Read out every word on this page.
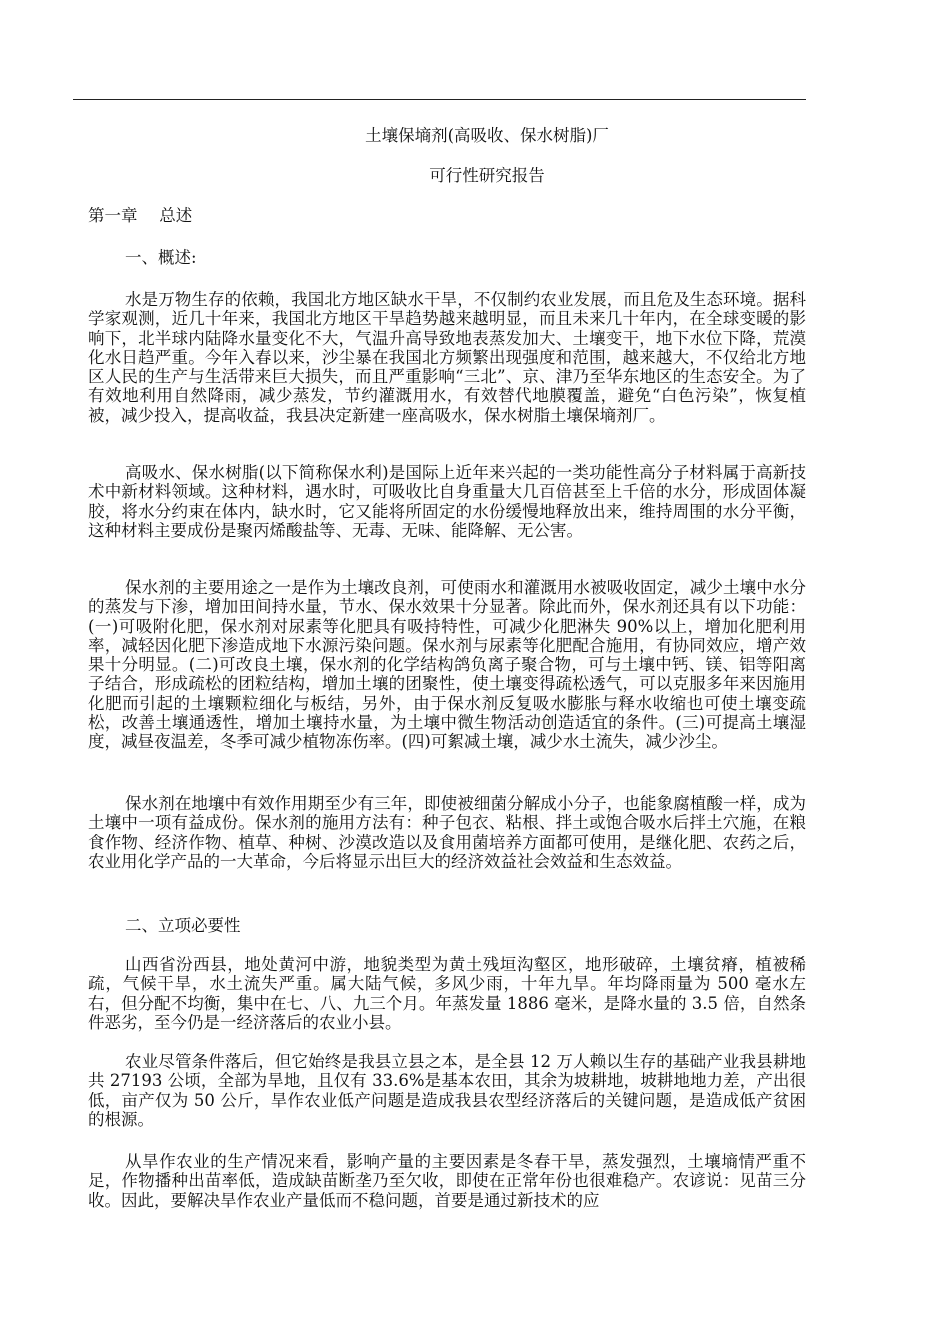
土壤保墒剂(高吸收、保水树脂)厂
可行性研究报告
第一章　 总述
一、概述:

水是万物生存的依赖，我国北方地区缺水干旱，不仅制约农业发展，而且危及生态环境。据科学家观测，近几十年来，我国北方地区干旱趋势越来越明显，而且未来几十年内，在全球变暖的影响下，北半球内陆降水量变化不大，气温升高导致地表蒸发加大、土壤变干，地下水位下降，荒漠化水日趋严重。今年入春以来，沙尘暴在我国北方频繁出现强度和范围，越来越大，不仅给北方地区人民的生产与生活带来巨大损失，而且严重影响“三北”、京、津乃至华东地区的生态安全。为了有效地利用自然降雨，减少蒸发，节约灌溉用水，有效替代地膜覆盖，避免“白色污染”，恢复植被，减少投入，提高收益，我县决定新建一座高吸水，保水树脂土壤保墒剂厂。

高吸水、保水树脂(以下简称保水利)是国际上近年来兴起的一类功能性高分子材料属于高新技术中新材料领域。这种材料，遇水时，可吸收比自身重量大几百倍甚至上千倍的水分，形成固体凝胶，将水分约束在体内，缺水时，它又能将所固定的水份缓慢地释放出来，维持周围的水分平衡，这种材料主要成份是聚丙烯酸盐等、无毒、无味、能降解、无公害。

保水剂的主要用途之一是作为土壤改良剂，可使雨水和灌溉用水被吸收固定，减少土壤中水分的蒸发与下渗，增加田间持水量，节水、保水效果十分显著。除此而外，保水剂还具有以下功能：(一)可吸附化肥，保水剂对尿素等化肥具有吸持特性，可减少化肥淋失 90%以上，增加化肥利用率，减轻因化肥下渗造成地下水源污染问题。保水剂与尿素等化肥配合施用，有协同效应，增产效果十分明显。(二)可改良土壤，保水剂的化学结构鸽负离子聚合物，可与土壤中钙、镁、铝等阳离子结合，形成疏松的团粒结构，增加土壤的团聚性，使土壤变得疏松透气，可以克服多年来因施用化肥而引起的土壤颗粒细化与板结，另外，由于保水剂反复吸水膨胀与释水收缩也可使土壤变疏松，改善土壤通透性，增加土壤持水量，为土壤中微生物活动创造适宜的条件。(三)可提高土壤湿度，减昼夜温差，冬季可减少植物冻伤率。(四)可絮减土壤，减少水土流失，减少沙尘。

保水剂在地壤中有效作用期至少有三年，即使被细菌分解成小分子，也能象腐植酸一样，成为土壤中一项有益成份。保水剂的施用方法有：种子包衣、粘根、拌土或饱合吸水后拌土穴施，在粮食作物、经济作物、植草、种树、沙漠改造以及食用菌培养方面都可使用，是继化肥、农药之后，农业用化学产品的一大革命，今后将显示出巨大的经济效益社会效益和生态效益。

二、立项必要性

山西省汾西县，地处黄河中游，地貌类型为黄土残垣沟壑区，地形破碎，土壤贫瘠，植被稀疏，气候干旱，水土流失严重。属大陆气候，多风少雨，十年九旱。年均降雨量为 500 毫水左右，但分配不均衡，集中在七、八、九三个月。年蒸发量 1886 毫米，是降水量的 3.5 倍，自然条件恶劣，至今仍是一经济落后的农业小县。

农业尽管条件落后，但它始终是我县立县之本，是全县 12 万人赖以生存的基础产业我县耕地共 27193 公顷，全部为旱地，且仅有 33.6%是基本农田，其余为坡耕地，坡耕地地力差，产出很低，亩产仅为 50 公斤，旱作农业低产问题是造成我县农型经济落后的关键问题，是造成低产贫困的根源。

从旱作农业的生产情况来看，影响产量的主要因素是冬春干旱，蒸发强烈，土壤墒情严重不足，作物播种出苗率低，造成缺苗断垄乃至欠收，即使在正常年份也很难稳产。农谚说：见苗三分收。因此，要解决旱作农业产量低而不稳问题，首要是通过新技术的应
